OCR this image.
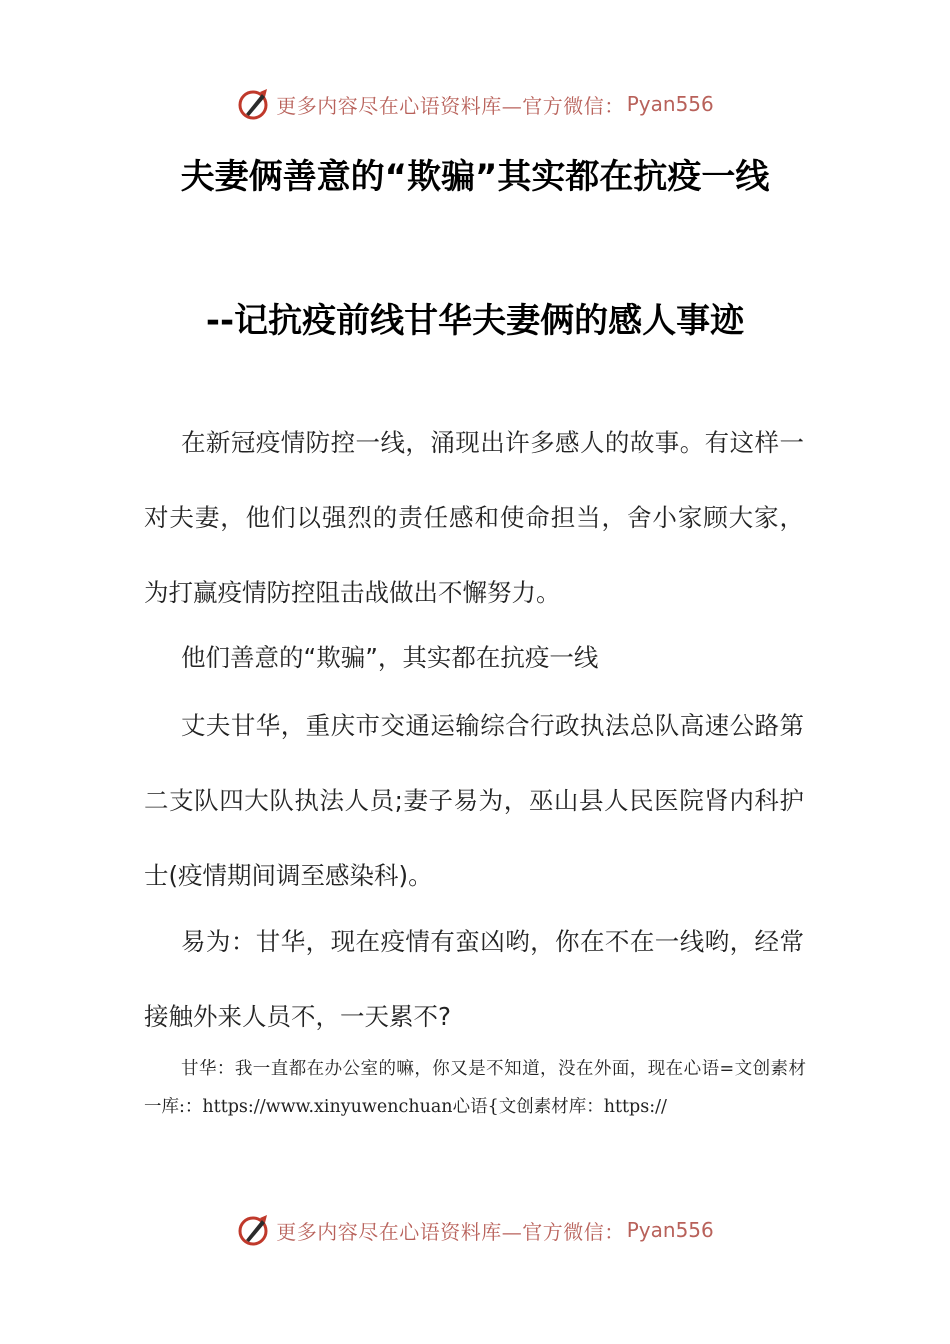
更多内容尽在心语资料库—官方微信： Pyan556
夫妻俩善意的“欺骗”其实都在抗疫一线
--记抗疫前线甘华夫妻俩的感人事迹

在新冠疫情防控一线，涌现出许多感人的故事。有这样一对夫妻，他们以强烈的责任感和使命担当，舍小家顾大家，为打赢疫情防控阻击战做出不懈努力。

他们善意的“欺骗”，其实都在抗疫一线

丈夫甘华，重庆市交通运输综合行政执法总队高速公路第二支队四大队执法人员;妻子易为，巫山县人民医院肾内科护士(疫情期间调至感染科)。

易为：甘华，现在疫情有蛮凶哟，你在不在一线哟，经常接触外来人员不，一天累不?

甘华：我一直都在办公室的嘛，你又是不知道，没在外面，现在心语=文创素材一库:：https://www.xinyuwenchuan心语{文创素材库：https://

更多内容尽在心语资料库—官方微信： Pyan556
